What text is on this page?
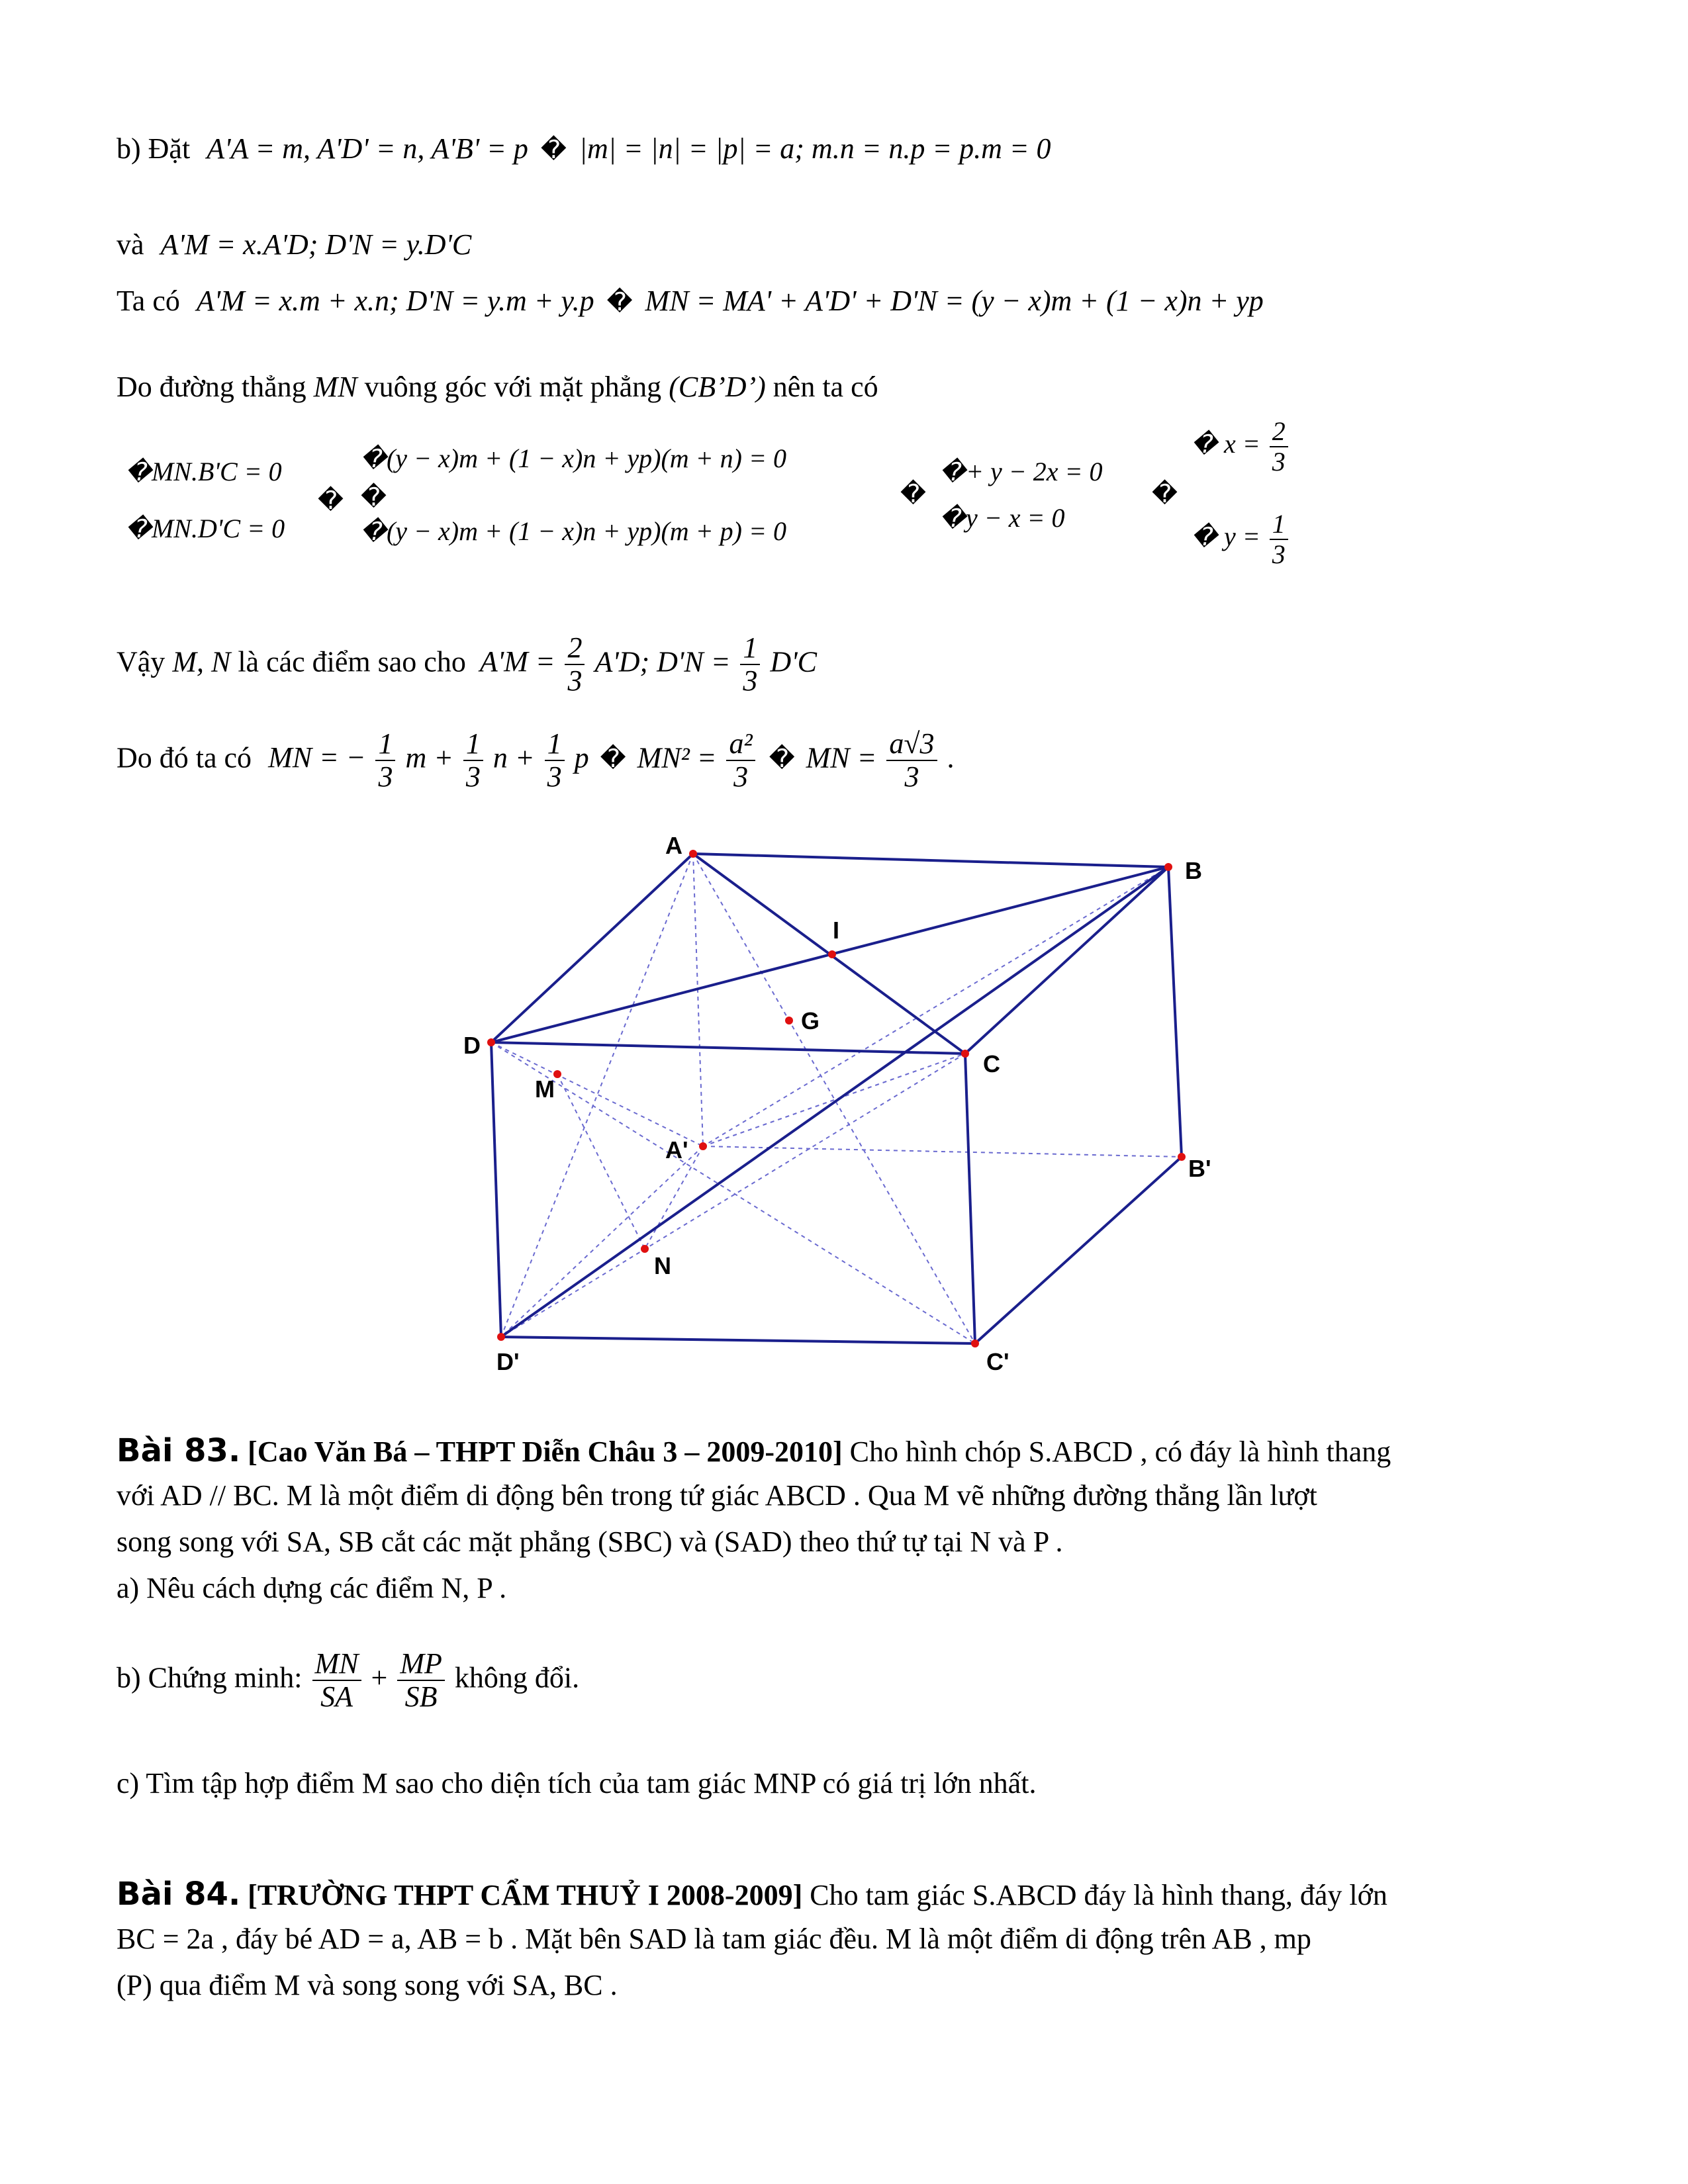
b) Đặt A'A = m, A'D' = n, A'B' = p � |m| = |n| = |p| = a; m.n = n.p = p.m = 0
và A'M = x.A'D; D'N = y.D'C
Ta có A'M = x.m + x.n; D'N = y.m + y.p � MN = MA' + A'D' + D'N = (y − x)m + (1 − x)n + yp
Do đường thẳng MN vuông góc với mặt phẳng (CB’D’) nên ta có
�MN.B'C = 0
�MN.D'C = 0
�
�(y − x)m + (1 − x)n + yp)(m + n) = 0
�
�(y − x)m + (1 − x)n + yp)(m + p) = 0
�
�+ y − 2x = 0
�y − x = 0
�
� $x = \frac{2}{3}$
� $y = \frac{1}{3}$
Vậy M, N là các điểm sao cho $A'M = \frac{2}{3} A'D$; $D'N = \frac{1}{3} D'C$
Do đó ta có MN = − $\frac{1}{3}$ $m + \frac{1}{3}$ $n + \frac{1}{3}$ p � $MN^2 = \frac{\text{a²}}{3}$ � MN = $\frac{a√3}{3}$ .
A
B
C
D
A'
B'
C'
D'
I
G
M
N
Bài 83. [Cao Văn Bá – THPT Diễn Châu 3 – 2009-2010] Cho hình chóp S.ABCD , có đáy là hình thang
với AD // BC. M là một điểm di động bên trong tứ giác ABCD . Qua M vẽ những đường thẳng lần lượt
song song với SA, SB cắt các mặt phẳng (SBC) và (SAD) theo thứ tự tại N và P .
a) Nêu cách dựng các điểm N, P .
b) Chứng minh: $\frac{MN}{SA} + \frac{MP}{SB}$ không đổi.
c) Tìm tập hợp điểm M sao cho diện tích của tam giác MNP có giá trị lớn nhất.
Bài 84. [TRƯỜNG THPT CẨM THUỶ I 2008-2009] Cho tam giác S.ABCD đáy là hình thang, đáy lớn
BC = 2a , đáy bé AD = a, AB = b . Mặt bên SAD là tam giác đều. M là một điểm di động trên AB , mp
(P) qua điểm M và song song với SA, BC .
